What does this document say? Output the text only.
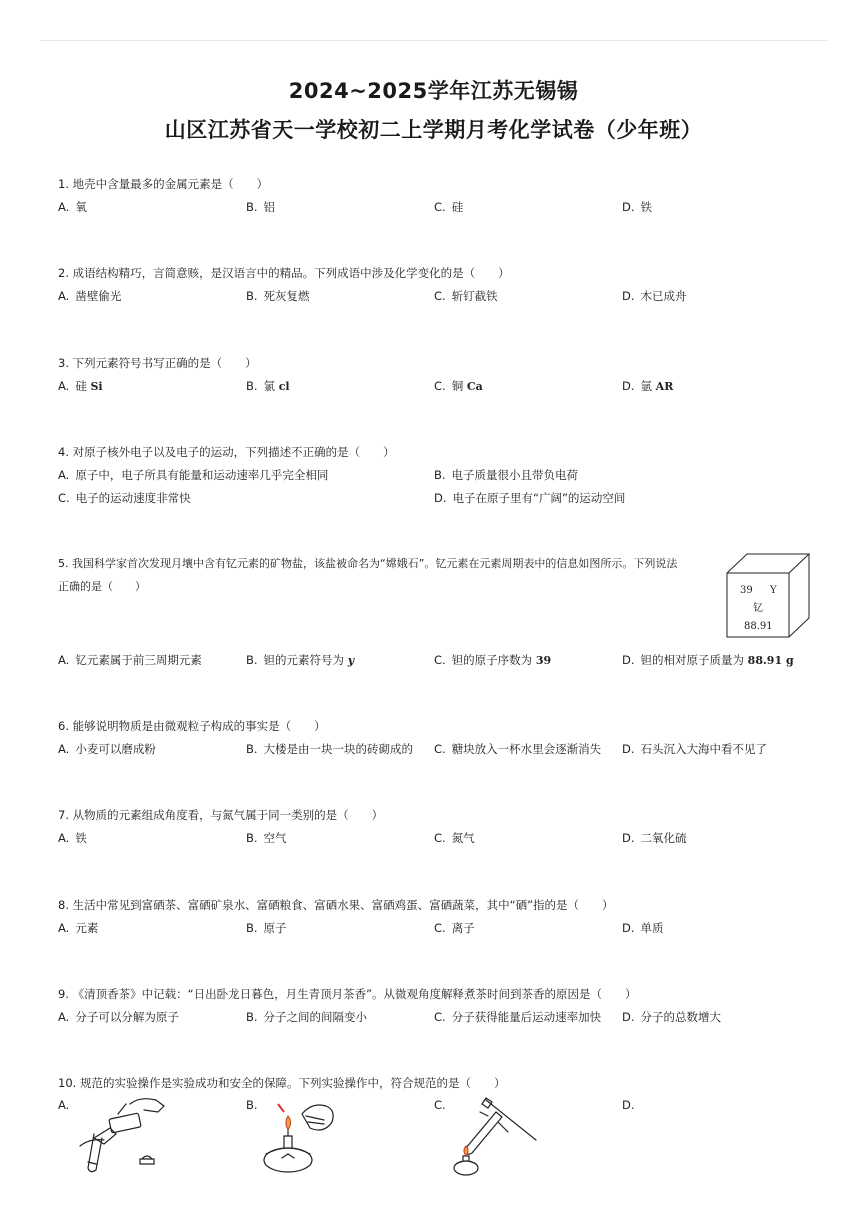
2024~2025学年江苏无锡锡
山区江苏省天一学校初二上学期月考化学试卷（少年班）
1. 地壳中含量最多的金属元素是（　　）
A. 氧	B. 铝	C. 硅	D. 铁
2. 成语结构精巧，言简意赅，是汉语言中的精品。下列成语中涉及化学变化的是（　　）
A. 凿壁偷光	B. 死灰复燃	C. 斩钉截铁	D. 木已成舟
3. 下列元素符号书写正确的是（　　）
A. 硅 Si	B. 氯 cl	C. 铜 Ca	D. 氩 AR
4. 对原子核外电子以及电子的运动，下列描述不正确的是（　　）
A. 原子中，电子所具有能量和运动速率几乎完全相同	B. 电子质量很小且带负电荷
C. 电子的运动速度非常快	D. 电子在原子里有“广阔”的运动空间
5. 我国科学家首次发现月壤中含有钇元素的矿物盐，该盐被命名为“嫦娥石”。钇元素在元素周期表中的信息如图所示。下列说法
正确的是（　　）	39 Y
钇
88.91
A. 钇元素属于前三周期元素	B. 钽的元素符号为 y	C. 钽的原子序数为 39	D. 钽的相对原子质量为 88.91 g
6. 能够说明物质是由微观粒子构成的事实是（　　）
A. 小麦可以磨成粉	B. 大楼是由一块一块的砖砌成的 C. 糖块放入一杯水里会逐渐消失 D. 石头沉入大海中看不见了
7. 从物质的元素组成角度看，与氮气属于同一类别的是（　　）
A. 铁	B. 空气	C. 氮气	D. 二氧化硫
8. 生活中常见到富硒茶、富硒矿泉水、富硒粮食、富硒水果、富硒鸡蛋、富硒蔬菜，其中“硒”指的是（　　）
A. 元素	B. 原子	C. 离子	D. 单质
9. 《清顶香茶》中记载：“日出卧龙日暮色，月生青顶月茶香”。从微观角度解释煮茶时间到茶香的原因是（　　）
A. 分子可以分解为原子	B. 分子之间的间隔变小	C. 分子获得能量后运动速率加快 D. 分子的总数增大
10. 规范的实验操作是实验成功和安全的保障。下列实验操作中，符合规范的是（　　）
A.	B.	C.	D.
